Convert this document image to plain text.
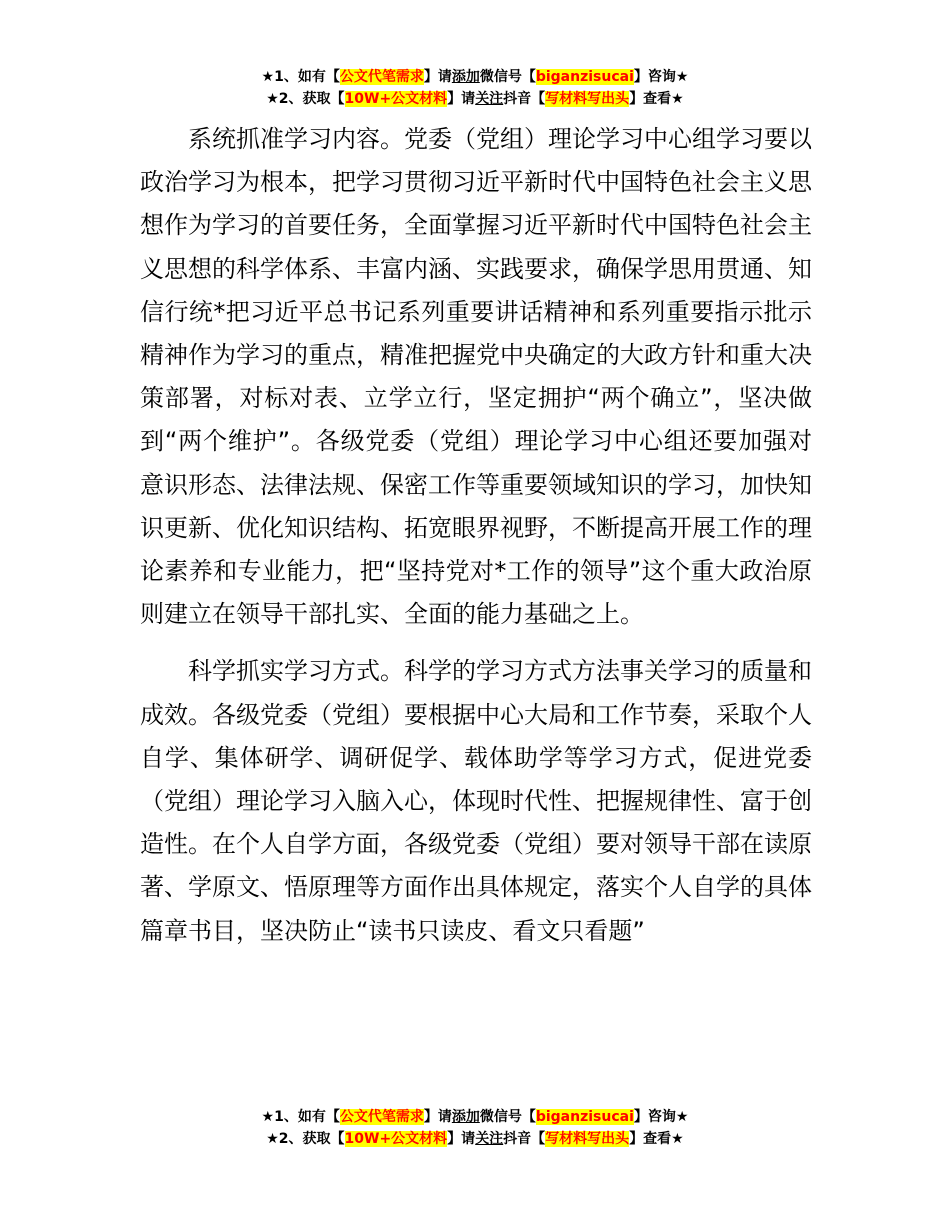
★1、如有【公文代笔需求】请添加微信号【biganzisucai】咨询★
★2、获取【10W+公文材料】请关注抖音【写材料写出头】查看★

系统抓准学习内容。党委（党组）理论学习中心组学习要以政治学习为根本，把学习贯彻习近平新时代中国特色社会主义思想作为学习的首要任务，全面掌握习近平新时代中国特色社会主义思想的科学体系、丰富内涵、实践要求，确保学思用贯通、知信行统*把习近平总书记系列重要讲话精神和系列重要指示批示精神作为学习的重点，精准把握党中央确定的大政方针和重大决策部署，对标对表、立学立行，坚定拥护“两个确立”，坚决做到“两个维护”。各级党委（党组）理论学习中心组还要加强对意识形态、法律法规、保密工作等重要领域知识的学习，加快知识更新、优化知识结构、拓宽眼界视野，不断提高开展工作的理论素养和专业能力，把“坚持党对*工作的领导”这个重大政治原则建立在领导干部扎实、全面的能力基础之上。

科学抓实学习方式。科学的学习方式方法事关学习的质量和成效。各级党委（党组）要根据中心大局和工作节奏，采取个人自学、集体研学、调研促学、载体助学等学习方式，促进党委（党组）理论学习入脑入心，体现时代性、把握规律性、富于创造性。在个人自学方面，各级党委（党组）要对领导干部在读原著、学原文、悟原理等方面作出具体规定，落实个人自学的具体篇章书目，坚决防止“读书只读皮、看文只看题”

★1、如有【公文代笔需求】请添加微信号【biganzisucai】咨询★
★2、获取【10W+公文材料】请关注抖音【写材料写出头】查看★
